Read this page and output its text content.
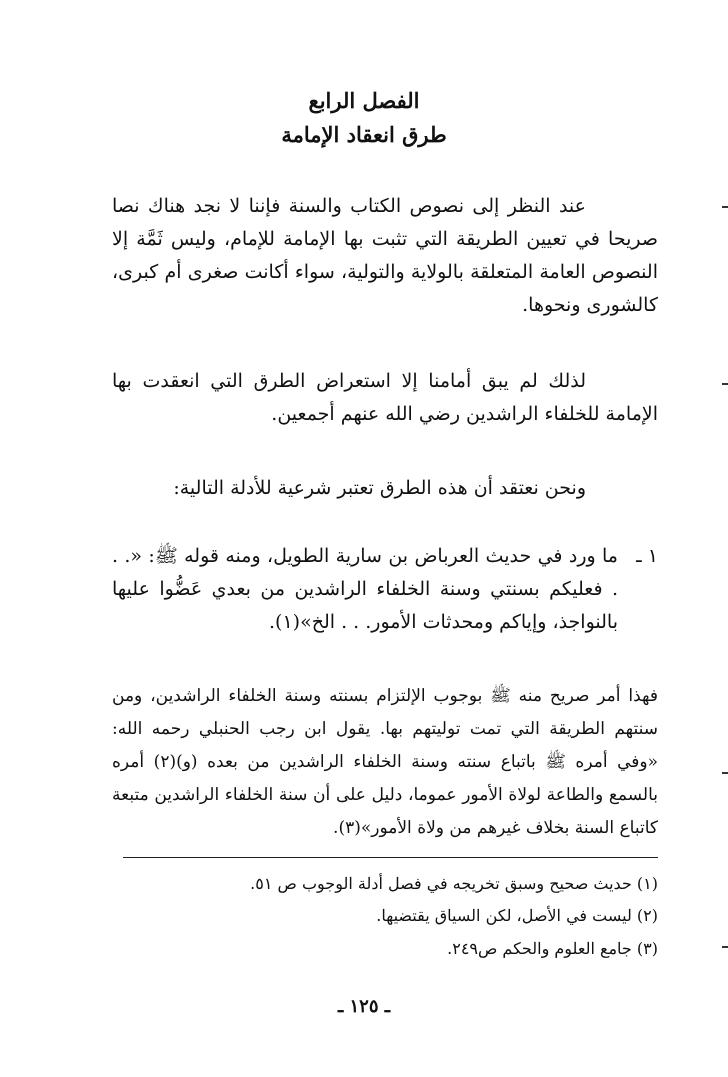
الفصل الرابع
طرق انعقاد الإمامة
عند النظر إلى نصوص الكتاب والسنة فإننا لا نجد هناك نصا صريحا في تعيين الطريقة التي تثبت بها الإمامة للإمام، وليس ثَمَّة إلا النصوص العامة المتعلقة بالولاية والتولية، سواء أكانت صغرى أم كبرى، كالشورى ونحوها.
لذلك لم يبق أمامنا إلا استعراض الطرق التي انعقدت بها الإمامة للخلفاء الراشدين رضي الله عنهم أجمعين.
ونحن نعتقد أن هذه الطرق تعتبر شرعية للأدلة التالية:
١ ـ
ما ورد في حديث العرباض بن سارية الطويل، ومنه قوله ﷺ: «. . . فعليكم بسنتي وسنة الخلفاء الراشدين من بعدي عَضُّوا عليها بالنواجذ، وإياكم ومحدثات الأمور. . . الخ»(١).
فهذا أمر صريح منه ﷺ بوجوب الإلتزام بسنته وسنة الخلفاء الراشدين، ومن سنتهم الطريقة التي تمت توليتهم بها. يقول ابن رجب الحنبلي رحمه الله: «وفي أمره ﷺ باتباع سنته وسنة الخلفاء الراشدين من بعده (و)(٢) أمره بالسمع والطاعة لولاة الأمور عموما، دليل على أن سنة الخلفاء الراشدين متبعة كاتباع السنة بخلاف غيرهم من ولاة الأمور»(٣).
(١) حديث صحيح وسبق تخريجه في فصل أدلة الوجوب ص ٥١.
(٢) ليست في الأصل، لكن السياق يقتضيها.
(٣) جامع العلوم والحكم ص٢٤٩.
ـ ١٢٥ ـ
